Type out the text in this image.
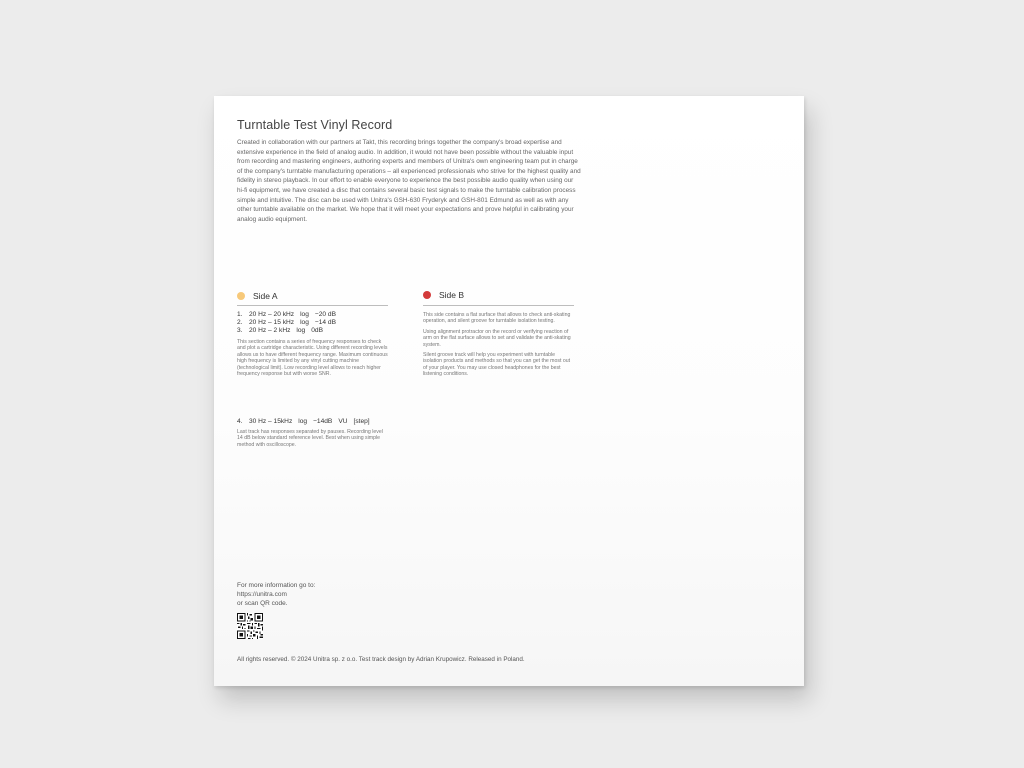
Turntable Test Vinyl Record
Created in collaboration with our partners at Takt, this recording brings together the company's broad expertise and extensive experience in the field of analog audio. In addition, it would not have been possible without the valuable input from recording and mastering engineers, authoring experts and members of Unitra's own engineering team put in charge of the company's turntable manufacturing operations – all experienced professionals who strive for the highest quality and fidelity in stereo playback. In our effort to enable everyone to experience the best possible audio quality when using our hi-fi equipment, we have created a disc that contains several basic test signals to make the turntable calibration process simple and intuitive. The disc can be used with Unitra's GSH-630 Fryderyk and GSH-801 Edmund as well as with any other turntable available on the market. We hope that it will meet your expectations and prove helpful in calibrating your analog audio equipment.
Side A
1. 20 Hz – 20 kHz log −20 dB
2. 20 Hz – 15 kHz log −14 dB
3. 20 Hz – 2 kHz log 0dB

This section contains a series of frequency responses to check and plot a cartridge characteristic. Using different recording levels allows us to have different frequency range. Maximum continuous high frequency is limited by any vinyl cutting machine (technological limit). Low recording level allows to reach higher frequency response but with worse SNR.

4. 30 Hz – 15kHz log −14dB VU [step]

Last track has responses separated by pauses. Recording level 14 dB below standard reference level. Best when using simple method with oscilloscope.

Side B

This side contains a flat surface that allows to check anti-skating operation, and silent groove for turntable isolation testing.

Using alignment protractor on the record or verifying reaction of arm on the flat surface allows to set and validate the anti-skating system.

Silent groove track will help you experiment with turntable isolation products and methods so that you can get the most out of your player. You may use closed headphones for the best listening conditions.

For more information go to:
https://unitra.com
or scan QR code.
All rights reserved. © 2024 Unitra sp. z o.o. Test track design by Adrian Krupowicz. Released in Poland.
